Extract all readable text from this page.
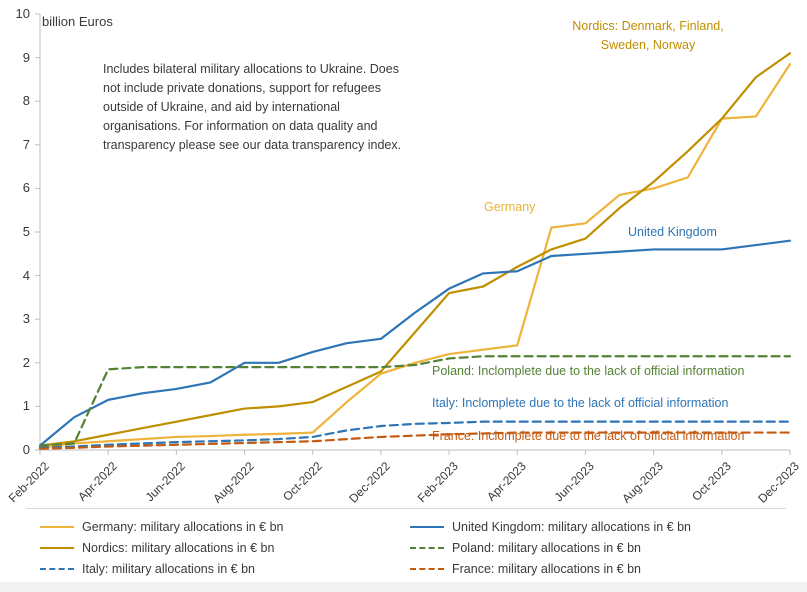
billion Euros
Includes bilateral military allocations to Ukraine. Does not include private donations, support for refugees outside of Ukraine, and aid by international organisations. For information on data quality and transparency please see our data transparency index.
Nordics: Denmark, Finland,
Sweden, Norway
Germany
United Kingdom
Poland: Inclomplete due to the lack of official information
Italy: Inclomplete due to the lack of official information
France: Inclomplete due to the lack of official information
Germany: military allocations in € bn	United Kingdom: military allocations in € bn
Nordics: military allocations in € bn	Poland: military allocations in € bn
Italy: military allocations in € bn	France: military allocations in € bn
0
1
2
3
4
5
6
7
8
9
10
Feb-2022	Apr-2022	Jun-2022	Aug-2022	Oct-2022	Dec-2022	Feb-2023	Apr-2023	Jun-2023	Aug-2023	Oct-2023	Dec-2023
